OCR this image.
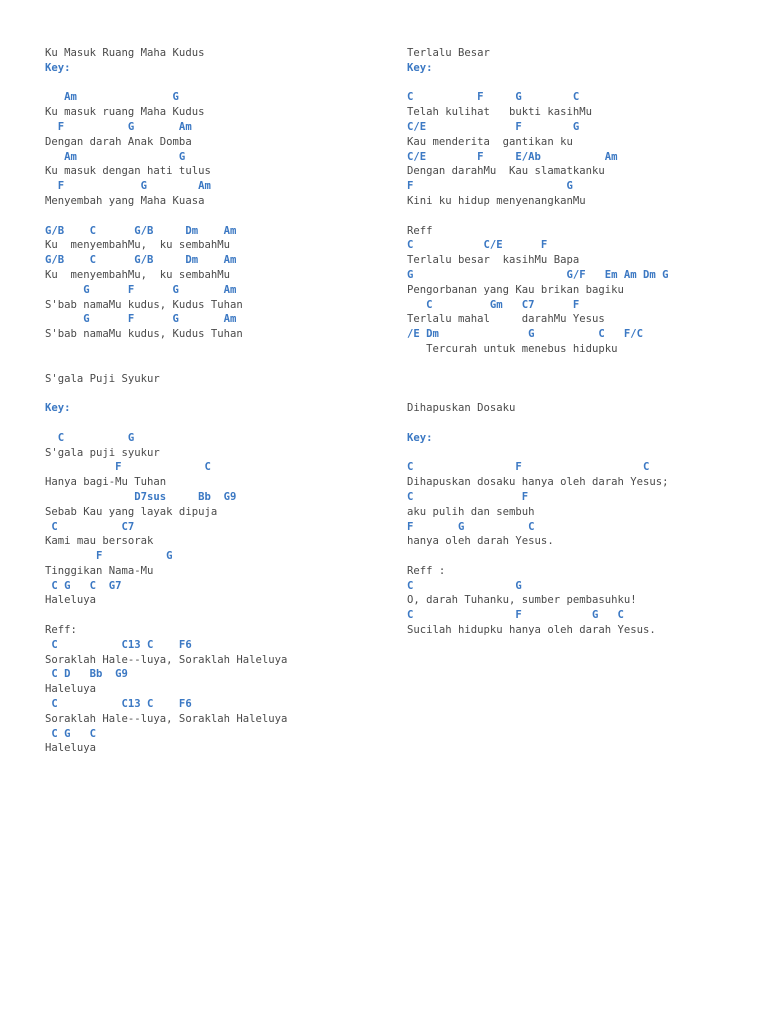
Ku Masuk Ruang Maha Kudus
Key:
Am               G
Ku masuk ruang Maha Kudus
F          G       Am
Dengan darah Anak Domba
Am                G
Ku masuk dengan hati tulus
F            G        Am
Menyembah yang Maha Kuasa
G/B    C      G/B     Dm    Am
Ku  menyembahMu,  ku sembahMu
G/B    C      G/B     Dm    Am
Ku  menyembahMu,  ku sembahMu
G      F      G       Am
S'bab namaMu kudus, Kudus Tuhan
G      F      G       Am
S'bab namaMu kudus, Kudus Tuhan
S'gala Puji Syukur
Key:
C          G
S'gala puji syukur
F             C
Hanya bagi-Mu Tuhan
D7sus     Bb  G9
Sebab Kau yang layak dipuja
C          C7
Kami mau bersorak
F          G
Tinggikan Nama-Mu
C G   C  G7
Haleluya
Reff:
C          C13 C    F6
Soraklah Hale--luya, Soraklah Haleluya
C D   Bb  G9
Haleluya
C          C13 C    F6
Soraklah Hale--luya, Soraklah Haleluya
C G   C
Haleluya
Terlalu Besar
Key:
C          F     G        C
Telah kulihat   bukti kasihMu
C/E              F        G
Kau menderita  gantikan ku
C/E        F     E/Ab          Am
Dengan darahMu  Kau slamatkanku
F                        G
Kini ku hidup menyenangkanMu
Reff
C           C/E      F
Terlalu besar  kasihMu Bapa
G                        G/F   Em Am Dm G
Pengorbanan yang Kau brikan bagiku
C         Gm   C7      F
Terlalu mahal     darahMu Yesus
/E Dm              G          C   F/C
Tercurah untuk menebus hidupku
Dihapuskan Dosaku
Key:
C                F                   C
Dihapuskan dosaku hanya oleh darah Yesus;
C                 F
aku pulih dan sembuh
F       G          C
hanya oleh darah Yesus.
Reff :
C                G
O, darah Tuhanku, sumber pembasuhku!
C                F           G   C
Sucilah hidupku hanya oleh darah Yesus.
